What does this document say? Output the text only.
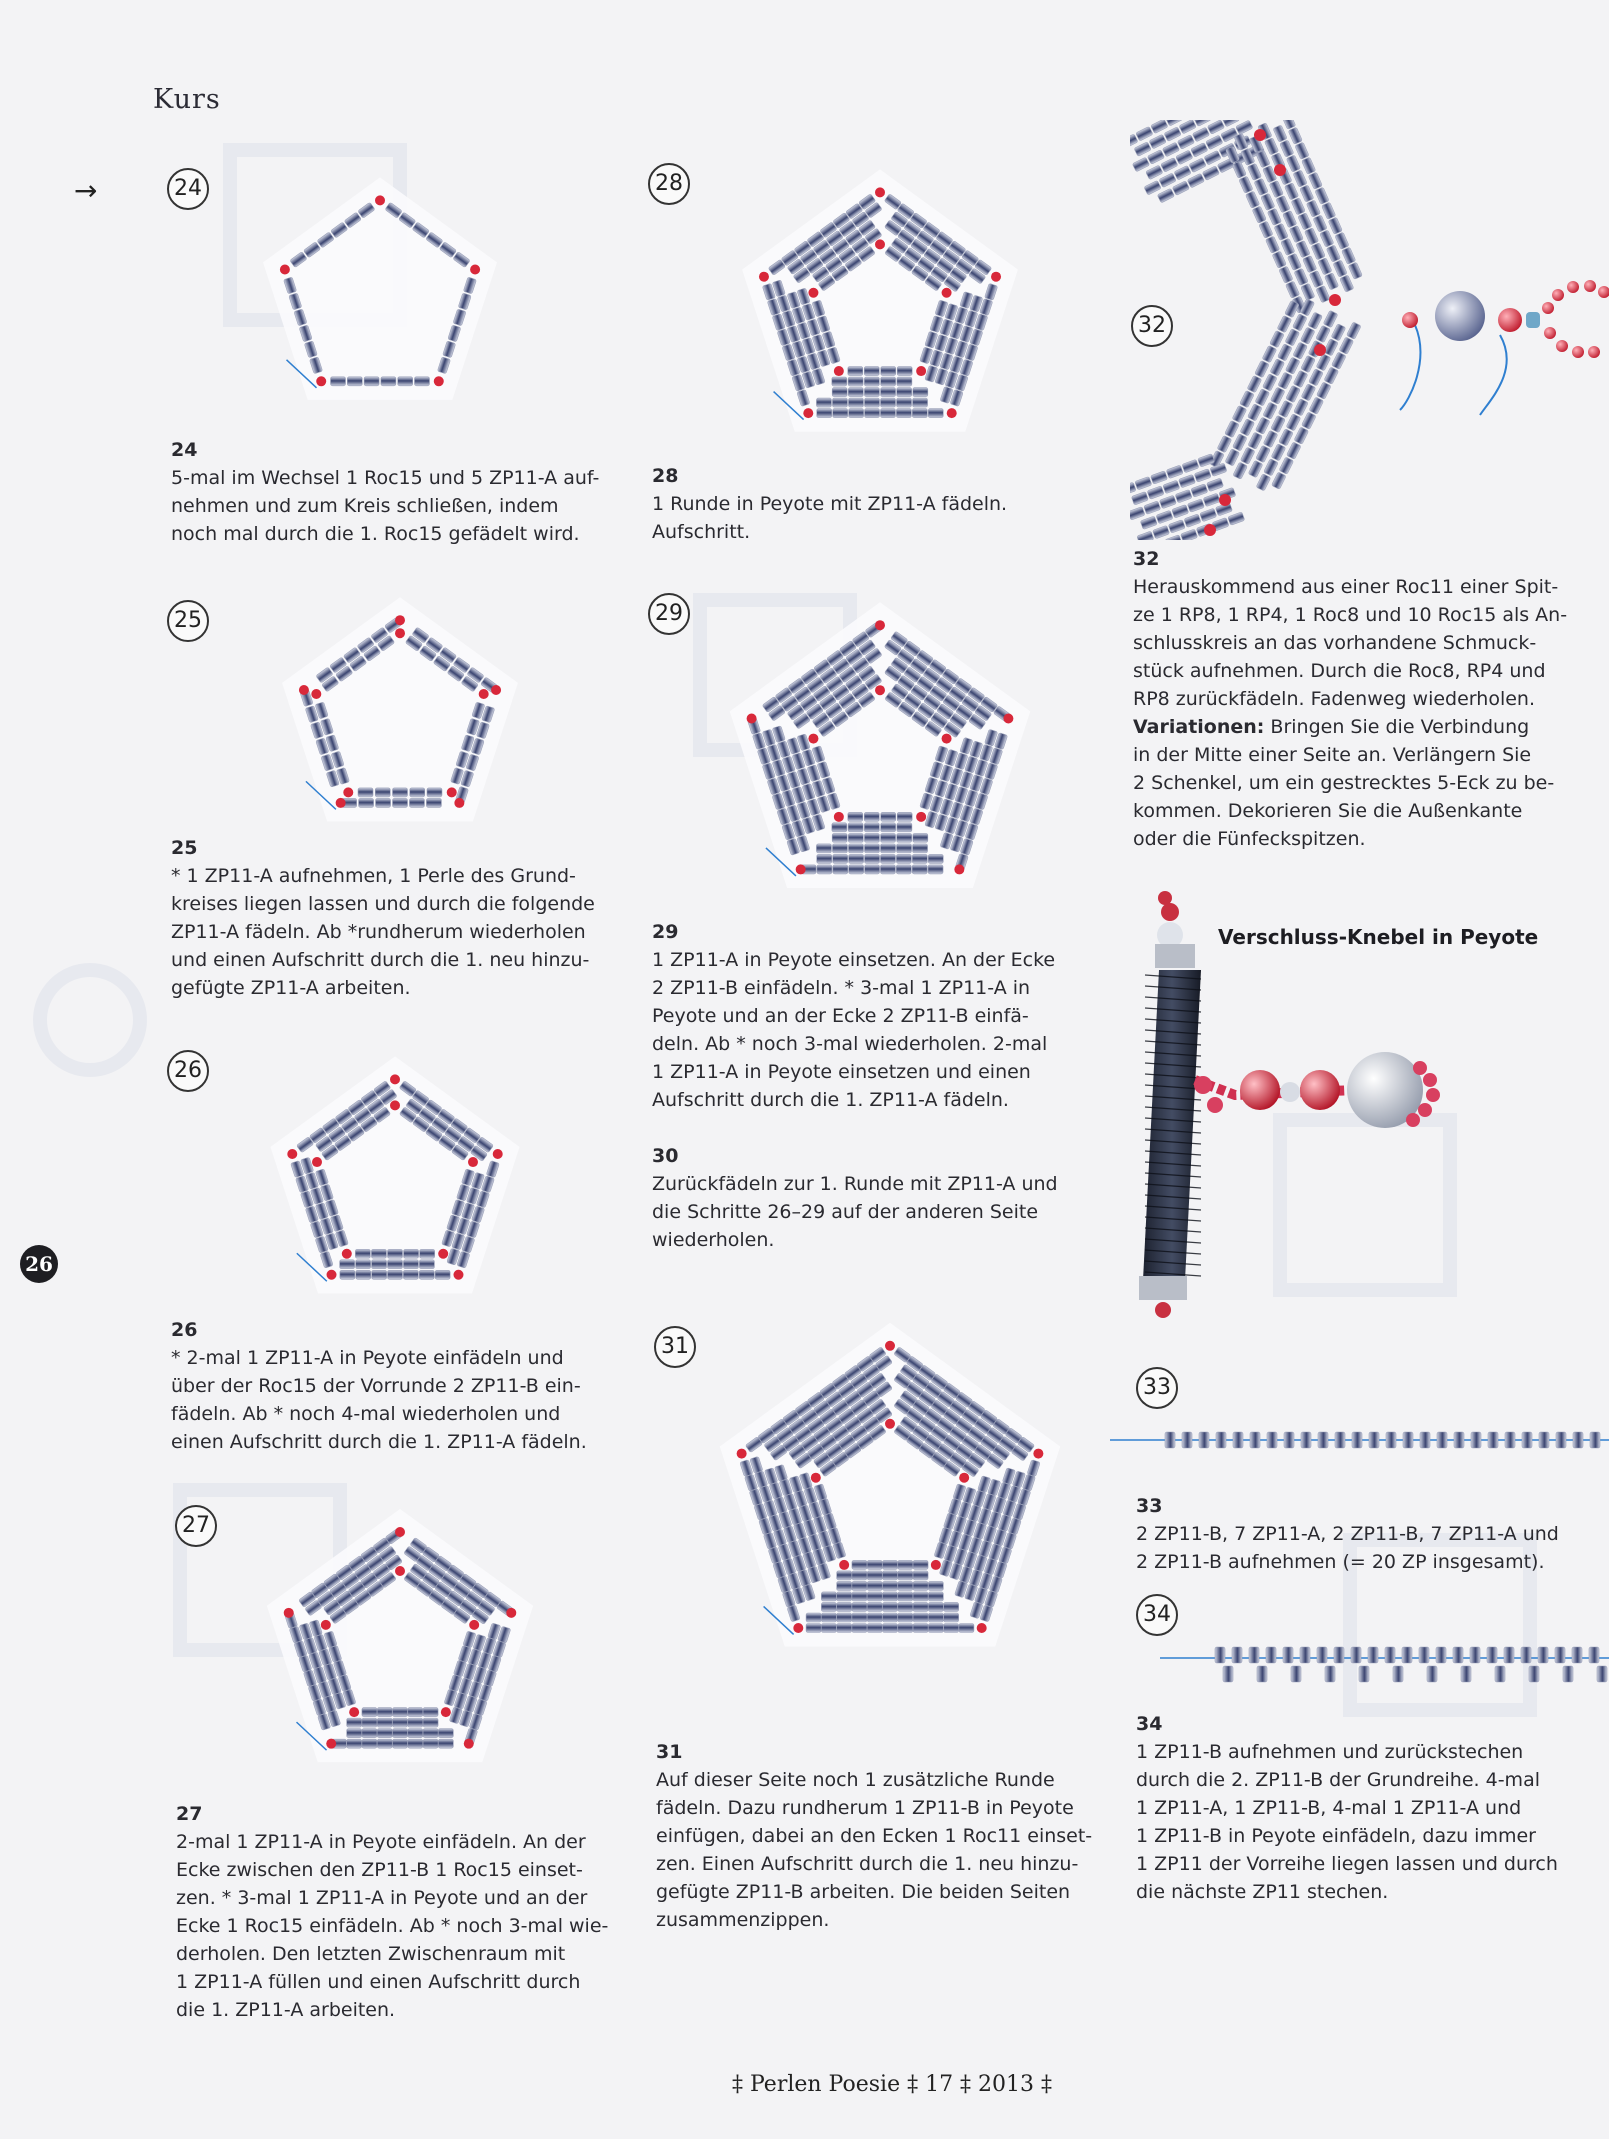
Kurs
→
26
24
25
26
27
28
29
31
32
33
34
Verschluss-Knebel in Peyote
24
5-mal im Wechsel 1 Roc15 und 5 ZP11-A auf-
nehmen und zum Kreis schließen, indem
noch mal durch die 1. Roc15 gefädelt wird.
25
* 1 ZP11-A aufnehmen, 1 Perle des Grund-
kreises liegen lassen und durch die folgende
ZP11-A fädeln. Ab *rundherum wiederholen
und einen Aufschritt durch die 1. neu hinzu-
gefügte ZP11-A arbeiten.
26
* 2-mal 1 ZP11-A in Peyote einfädeln und
über der Roc15 der Vorrunde 2 ZP11-B ein-
fädeln. Ab * noch 4-mal wiederholen und
einen Aufschritt durch die 1. ZP11-A fädeln.
27
2-mal 1 ZP11-A in Peyote einfädeln. An der
Ecke zwischen den ZP11-B 1 Roc15 einset-
zen. * 3-mal 1 ZP11-A in Peyote und an der
Ecke 1 Roc15 einfädeln. Ab * noch 3-mal wie-
derholen. Den letzten Zwischenraum mit
1 ZP11-A füllen und einen Aufschritt durch
die 1. ZP11-A arbeiten.
28
1 Runde in Peyote mit ZP11-A fädeln.
Aufschritt.
29
1 ZP11-A in Peyote einsetzen. An der Ecke
2 ZP11-B einfädeln. * 3-mal 1 ZP11-A in
Peyote und an der Ecke 2 ZP11-B einfä-
deln. Ab * noch 3-mal wiederholen. 2-mal
1 ZP11-A in Peyote einsetzen und einen
Aufschritt durch die 1. ZP11-A fädeln.
30
Zurückfädeln zur 1. Runde mit ZP11-A und
die Schritte 26–29 auf der anderen Seite
wiederholen.
31
Auf dieser Seite noch 1 zusätzliche Runde
fädeln. Dazu rundherum 1 ZP11-B in Peyote
einfügen, dabei an den Ecken 1 Roc11 einset-
zen. Einen Aufschritt durch die 1. neu hinzu-
gefügte ZP11-B arbeiten. Die beiden Seiten
zusammenzippen.
32
Herauskommend aus einer Roc11 einer Spit-
ze 1 RP8, 1 RP4, 1 Roc8 und 10 Roc15 als An-
schlusskreis an das vorhandene Schmuck-
stück aufnehmen. Durch die Roc8, RP4 und
RP8 zurückfädeln. Fadenweg wiederholen.
Variationen: Bringen Sie die Verbindung
in der Mitte einer Seite an. Verlängern Sie
2 Schenkel, um ein gestrecktes 5-Eck zu be-
kommen. Dekorieren Sie die Außenkante
oder die Fünfeckspitzen.
33
2 ZP11-B, 7 ZP11-A, 2 ZP11-B, 7 ZP11-A und
2 ZP11-B aufnehmen (= 20 ZP insgesamt).
34
1 ZP11-B aufnehmen und zurückstechen
durch die 2. ZP11-B der Grundreihe. 4-mal
1 ZP11-A, 1 ZP11-B, 4-mal 1 ZP11-A und
1 ZP11-B in Peyote einfädeln, dazu immer
1 ZP11 der Vorreihe liegen lassen und durch
die nächste ZP11 stechen.
‡ Perlen Poesie ‡ 17 ‡ 2013 ‡
